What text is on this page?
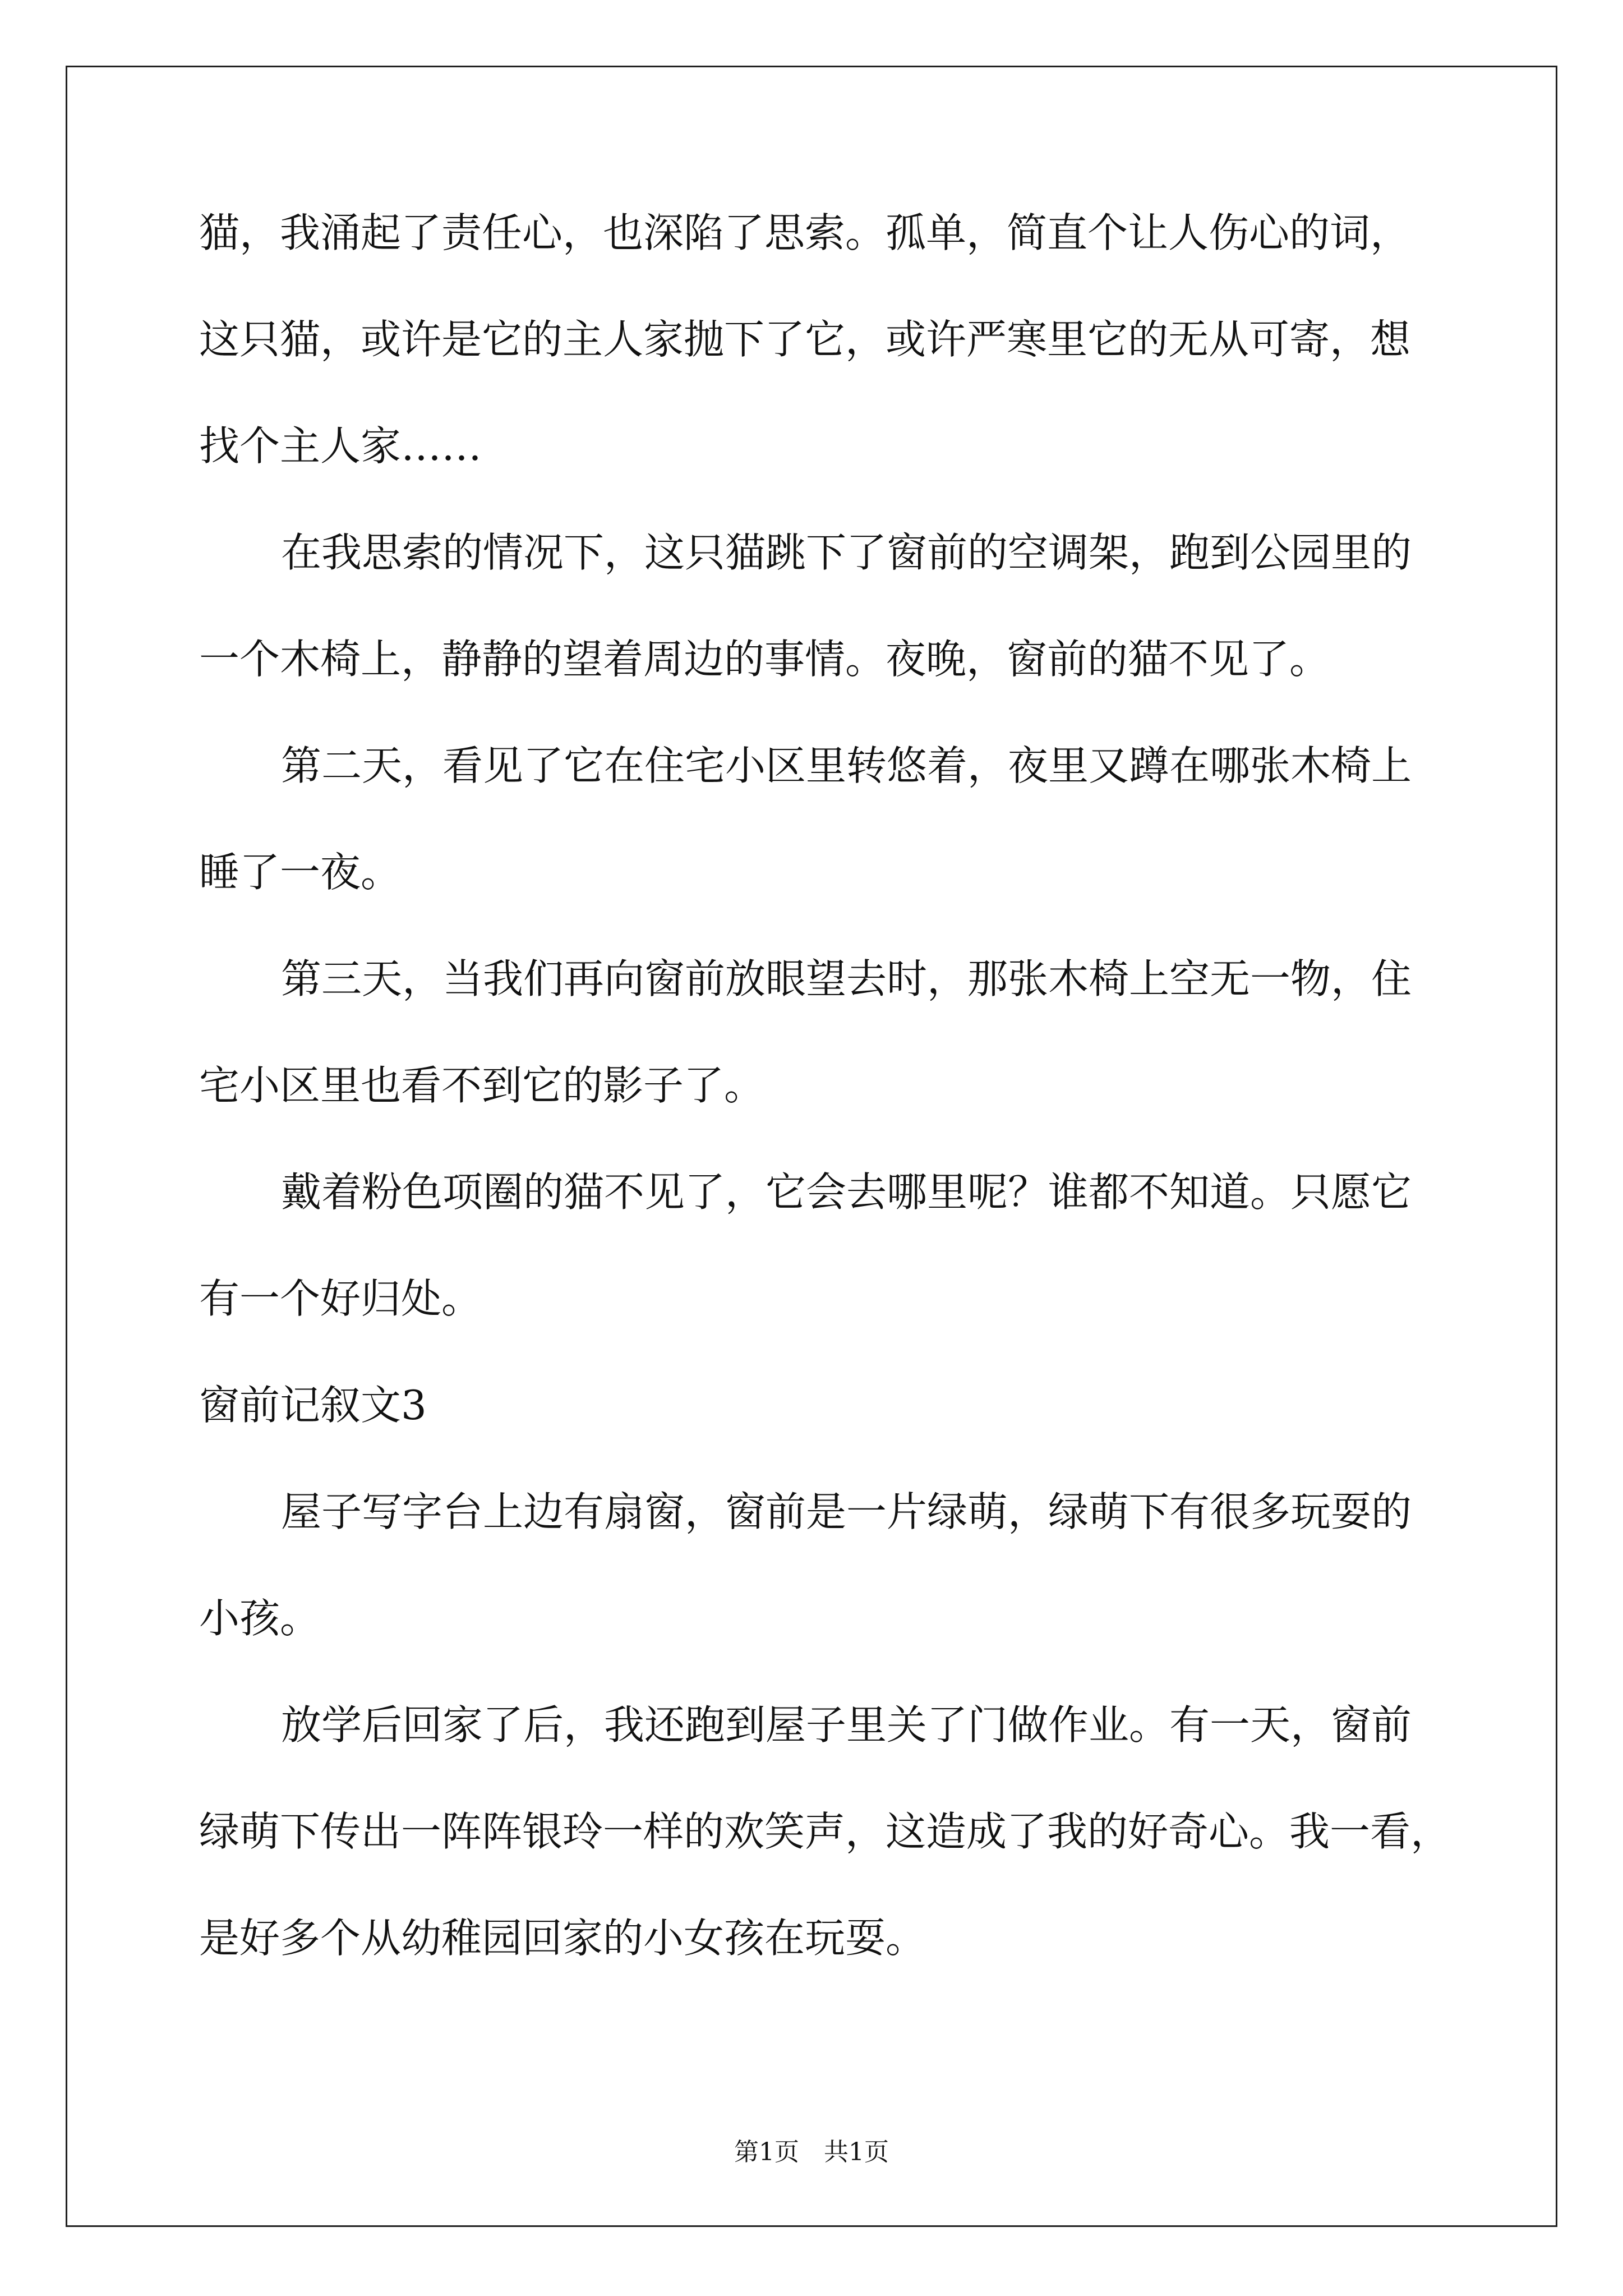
猫，我涌起了责任心，也深陷了思索。孤单，简直个让人伤心的词，
这只猫，或许是它的主人家抛下了它，或许严寒里它的无从可寄，想
找个主人家……
在我思索的情况下，这只猫跳下了窗前的空调架，跑到公园里的
一个木椅上，静静的望着周边的事情。夜晚，窗前的猫不见了。
第二天，看见了它在住宅小区里转悠着，夜里又蹲在哪张木椅上
睡了一夜。
第三天，当我们再向窗前放眼望去时，那张木椅上空无一物，住
宅小区里也看不到它的影子了。
戴着粉色项圈的猫不见了，它会去哪里呢？谁都不知道。只愿它
有一个好归处。
窗前记叙文3
屋子写字台上边有扇窗，窗前是一片绿萌，绿萌下有很多玩耍的
小孩。
放学后回家了后，我还跑到屋子里关了门做作业。有一天，窗前
绿萌下传出一阵阵银玲一样的欢笑声，这造成了我的好奇心。我一看，
是好多个从幼稚园回家的小女孩在玩耍。
第1页　共1页
